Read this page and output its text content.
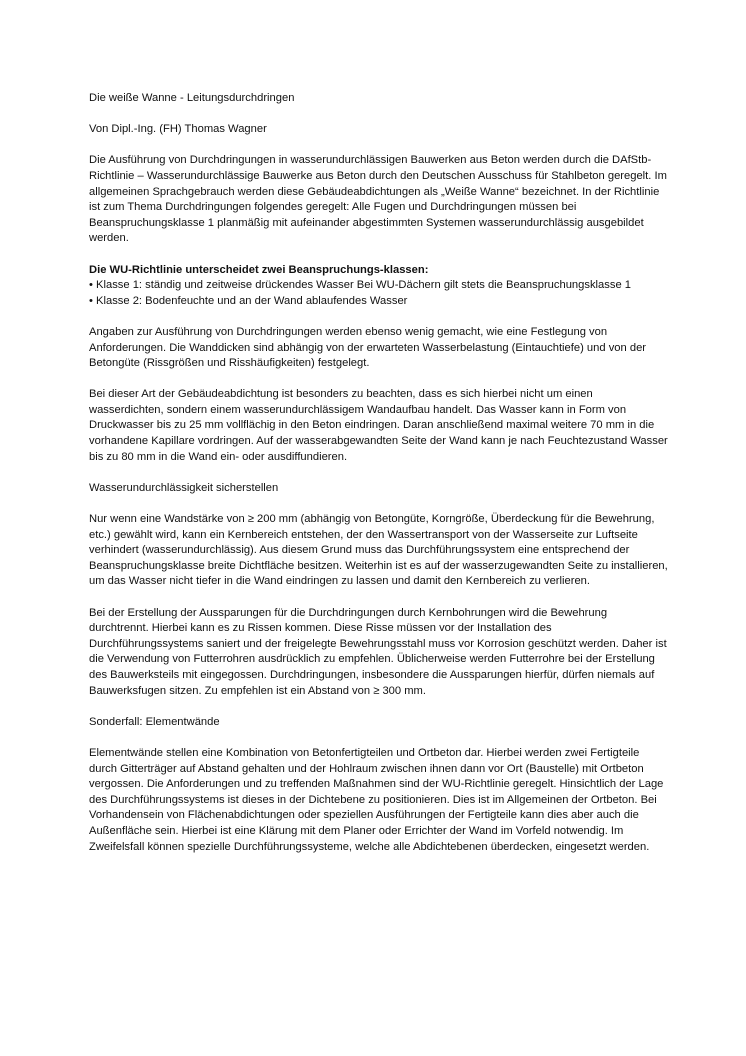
Die weiße Wanne - Leitungsdurchdringen

Von Dipl.-Ing. (FH) Thomas Wagner

Die Ausführung von Durchdringungen in wasserundurchlässigen Bauwerken aus Beton werden durch die DAfStb-Richtlinie – Wasserundurchlässige Bauwerke aus Beton durch den Deutschen Ausschuss für Stahlbeton geregelt. Im allgemeinen Sprachgebrauch werden diese Gebäudeabdichtungen als „Weiße Wanne“ bezeichnet. In der Richtlinie ist zum Thema Durchdringungen folgendes geregelt: Alle Fugen und Durchdringungen müssen bei Beanspruchungsklasse 1 planmäßig mit aufeinander abgestimmten Systemen wasserundurchlässig ausgebildet werden.

Die WU-Richtlinie unterscheidet zwei Beanspruchungs-klassen:

• Klasse 1: ständig und zeitweise drückendes Wasser Bei WU-Dächern gilt stets die Beanspruchungsklasse 1

• Klasse 2: Bodenfeuchte und an der Wand ablaufendes Wasser

Angaben zur Ausführung von Durchdringungen werden ebenso wenig gemacht, wie eine Festlegung von Anforderungen. Die Wanddicken sind abhängig von der erwarteten Wasserbelastung (Eintauchtiefe) und von der Betongüte (Rissgrößen und Risshäufigkeiten) festgelegt.

Bei dieser Art der Gebäudeabdichtung ist besonders zu beachten, dass es sich hierbei nicht um einen wasserdichten, sondern einem wasserundurchlässigem Wandaufbau handelt. Das Wasser kann in Form von Druckwasser bis zu 25 mm vollflächig in den Beton eindringen. Daran anschließend maximal weitere 70 mm in die vorhandene Kapillare vordringen. Auf der wasserabgewandten Seite der Wand kann je nach Feuchtezustand Wasser bis zu 80 mm in die Wand ein- oder ausdiffundieren.

Wasserundurchlässigkeit sicherstellen

Nur wenn eine Wandstärke von ≥ 200 mm (abhängig von Betongüte, Korngröße, Überdeckung für die Bewehrung, etc.) gewählt wird, kann ein Kernbereich entstehen, der den Wassertransport von der Wasserseite zur Luftseite verhindert (wasserundurchlässig). Aus diesem Grund muss das Durchführungssystem eine entsprechend der Beanspruchungsklasse breite Dichtfläche besitzen. Weiterhin ist es auf der wasserzugewandten Seite zu installieren, um das Wasser nicht tiefer in die Wand eindringen zu lassen und damit den Kernbereich zu verlieren.

Bei der Erstellung der Aussparungen für die Durchdringungen durch Kernbohrungen wird die Bewehrung durchtrennt. Hierbei kann es zu Rissen kommen. Diese Risse müssen vor der Installation des Durchführungssystems saniert und der freigelegte Bewehrungsstahl muss vor Korrosion geschützt werden. Daher ist die Verwendung von Futterrohren ausdrücklich zu empfehlen. Üblicherweise werden Futterrohre bei der Erstellung des Bauwerksteils mit eingegossen. Durchdringungen, insbesondere die Aussparungen hierfür, dürfen niemals auf Bauwerksfugen sitzen. Zu empfehlen ist ein Abstand von ≥ 300 mm.

Sonderfall: Elementwände

Elementwände stellen eine Kombination von Betonfertigteilen und Ortbeton dar. Hierbei werden zwei Fertigteile durch Gitterträger auf Abstand gehalten und der Hohlraum zwischen ihnen dann vor Ort (Baustelle) mit Ortbeton vergossen. Die Anforderungen und zu treffenden Maßnahmen sind der WU-Richtlinie geregelt. Hinsichtlich der Lage des Durchführungssystems ist dieses in der Dichtebene zu positionieren. Dies ist im Allgemeinen der Ortbeton. Bei Vorhandensein von Flächenabdichtungen oder speziellen Ausführungen der Fertigteile kann dies aber auch die Außenfläche sein. Hierbei ist eine Klärung mit dem Planer oder Errichter der Wand im Vorfeld notwendig. Im Zweifelsfall können spezielle Durchführungssysteme, welche alle Abdichtebenen überdecken, eingesetzt werden.
